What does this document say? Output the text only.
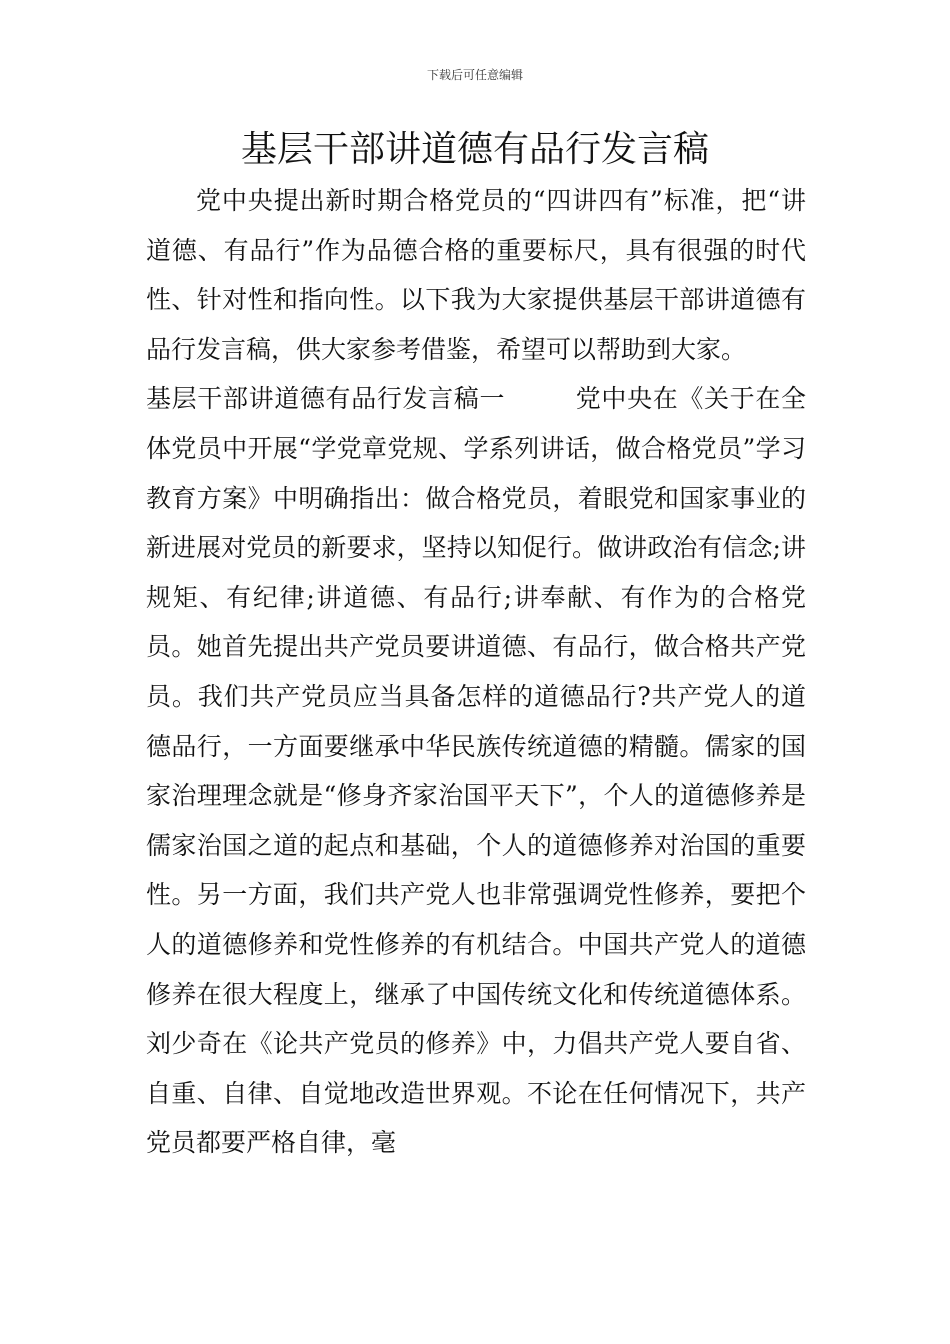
下载后可任意编辑
基层干部讲道德有品行发言稿

党中央提出新时期合格党员的“四讲四有”标准，把“讲道德、有品行”作为品德合格的重要标尺，具有很强的时代性、针对性和指向性。以下我为大家提供基层干部讲道德有品行发言稿，供大家参考借鉴，希望可以帮助到大家。

基层干部讲道德有品行发言稿一	党中央在《关于在全体党员中开展“学党章党规、学系列讲话，做合格党员”学习教育方案》中明确指出：做合格党员，着眼党和国家事业的新进展对党员的新要求，坚持以知促行。做讲政治有信念;讲规矩、有纪律;讲道德、有品行;讲奉献、有作为的合格党员。她首先提出共产党员要讲道德、有品行，做合格共产党员。我们共产党员应当具备怎样的道德品行?共产党人的道德品行，一方面要继承中华民族传统道德的精髓。儒家的国家治理理念就是“修身齐家治国平天下”，个人的道德修养是儒家治国之道的起点和基础，个人的道德修养对治国的重要性。另一方面，我们共产党人也非常强调党性修养，要把个人的道德修养和党性修养的有机结合。中国共产党人的道德修养在很大程度上，继承了中国传统文化和传统道德体系。刘少奇在《论共产党员的修养》中，力倡共产党人要自省、自重、自律、自觉地改造世界观。不论在任何情况下，共产党员都要严格自律，毫
